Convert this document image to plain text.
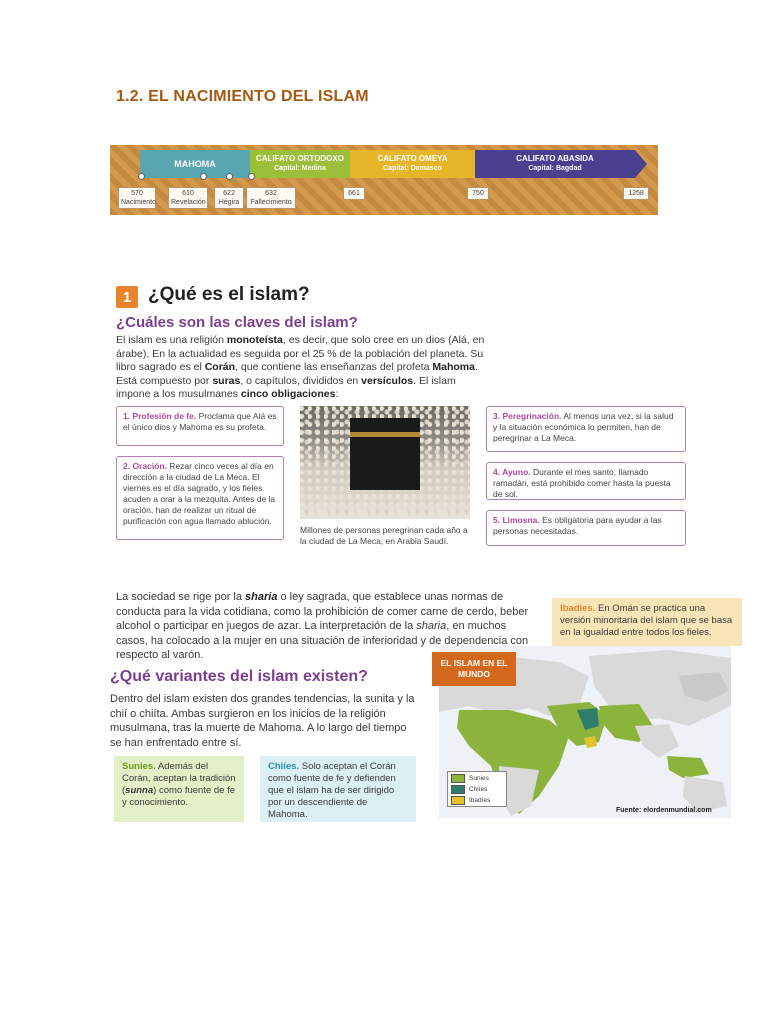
1.2. EL NACIMIENTO DEL ISLAM
MAHOMA
CALIFATO ORTODOXO
Capital: Medina
CALIFATO OMEYA
Capital: Damasco
CALIFATO ABASIDA
Capital: Bagdad
570
Nacimiento
610
Revelación
622
Hégira
632
Fallecimiento
661	750	1258
1 ¿Qué es el islam?
¿Cuáles son las claves del islam?
El islam es una religión monoteísta, es decir, que solo cree en un dios (Alá, en árabe). En la actualidad es seguida por el 25 % de la población del planeta. Su libro sagrado es el Corán, que contiene las enseñanzas del profeta Mahoma. Está compuesto por suras, o capítulos, divididos en versículos. El islam impone a los musulmanes cinco obligaciones:
1. Profesión de fe. Proclama que Alá es el único dios y Mahoma es su profeta.
2. Oración. Rezar cinco veces al día en dirección a la ciudad de La Meca. El viernes es el día sagrado, y los fieles acuden a orar a la mezquita. Antes de la oración, han de realizar un ritual de purificación con agua llamado ablución.
3. Peregrinación. Al menos una vez, si la salud y la situación económica lo permiten, han de peregrinar a La Meca.
4. Ayuno. Durante el mes santo, llamado ramadán, está prohibido comer hasta la puesta de sol.
5. Limosna. Es obligatoria para ayudar a las personas necesitadas.
Millones de personas peregrinan cada año a la ciudad de La Meca, en Arabia Saudí.
La sociedad se rige por la sharia o ley sagrada, que establece unas normas de conducta para la vida cotidiana, como la prohibición de comer carne de cerdo, beber alcohol o participar en juegos de azar. La interpretación de la sharia, en muchos casos, ha colocado a la mujer en una situación de inferioridad y de dependencia con respecto al varón.
¿Qué variantes del islam existen?
Dentro del islam existen dos grandes tendencias, la sunita y la chií o chiíta. Ambas surgieron en los inicios de la religión musulmana, tras la muerte de Mahoma. A lo largo del tiempo se han enfrentado entre sí.
Sunies. Además del Corán, aceptan la tradición (sunna) como fuente de fe y conocimiento.
Chiíes. Solo aceptan el Corán como fuente de fe y defienden que el islam ha de ser dirigido por un descendiente de Mahoma.
Ibadíes. En Omán se practica una versión minoritaria del islam que se basa en la igualdad entre todos los fieles.
EL ISLAM EN EL MUNDO
Sunies
Chiíes
Ibadíes
Fuente: elordenmundial.com
